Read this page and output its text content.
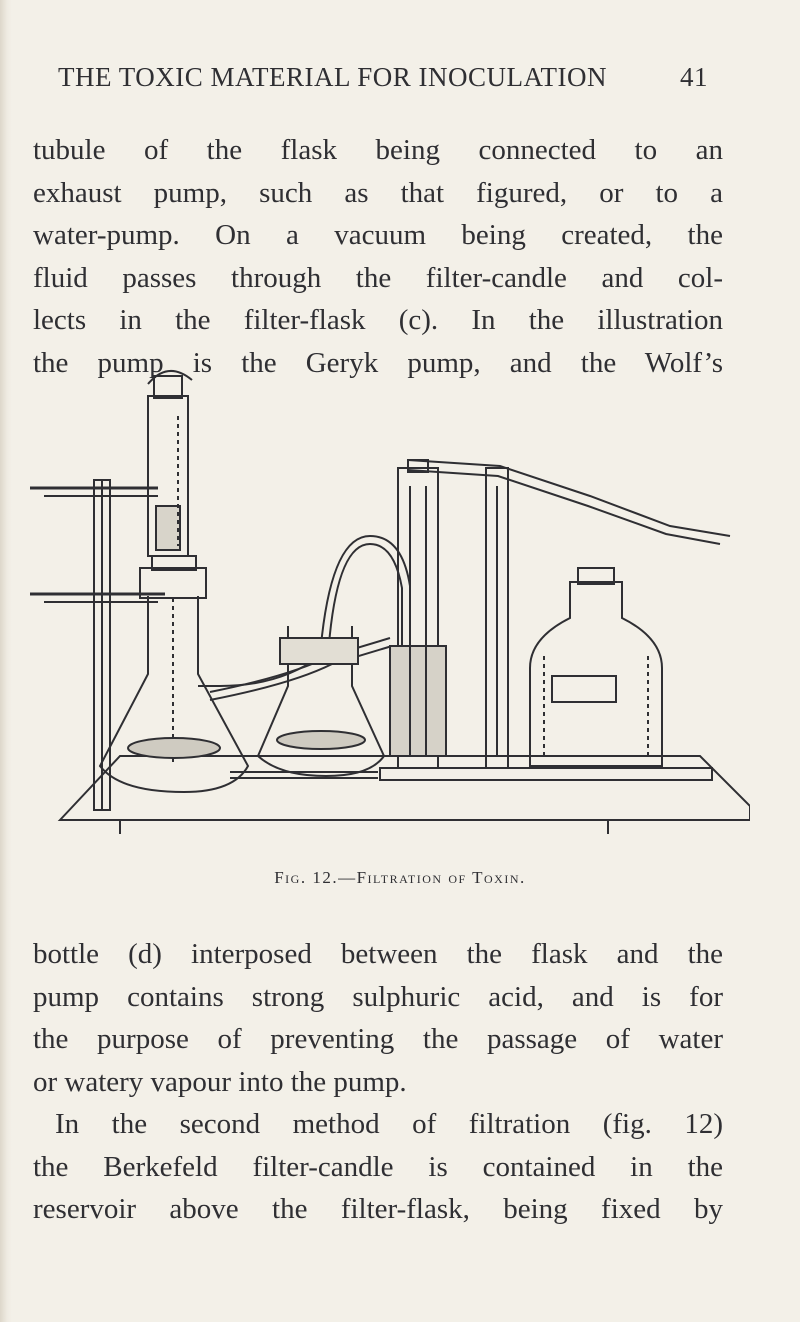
THE TOXIC MATERIAL FOR INOCULATION	41
tubule of the flask being connected to an
exhaust pump, such as that figured, or to a
water-pump. On a vacuum being created, the
fluid passes through the filter-candle and col-
lects in the filter-flask (c). In the illustration
the pump is the Geryk pump, and the Wolf’s
Fig. 12.—Filtration of Toxin.
bottle (d) interposed between the flask and the
pump contains strong sulphuric acid, and is for
the purpose of preventing the passage of water
or watery vapour into the pump.
In the second method of filtration (fig. 12)
the Berkefeld filter-candle is contained in the
reservoir above the filter-flask, being fixed by
